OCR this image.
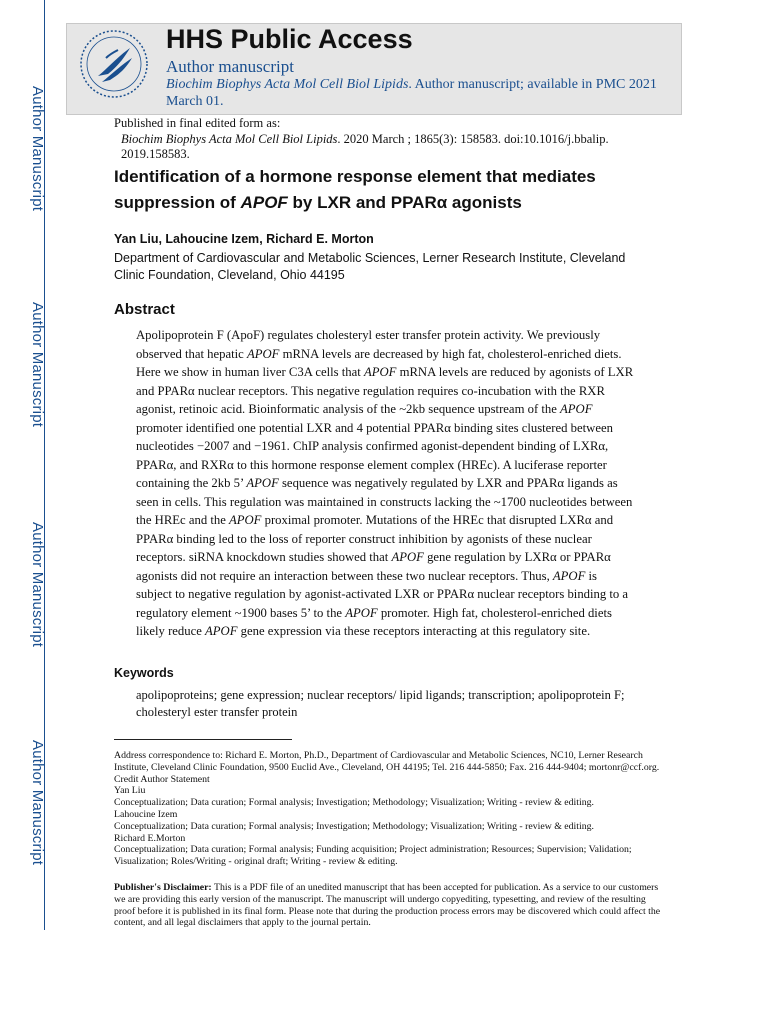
Author Manuscript
Author Manuscript
Author Manuscript
Author Manuscript
HHS Public Access
Author manuscript
Biochim Biophys Acta Mol Cell Biol Lipids. Author manuscript; available in PMC 2021 March 01.
Published in final edited form as:
Biochim Biophys Acta Mol Cell Biol Lipids. 2020 March ; 1865(3): 158583. doi:10.1016/j.bbalip. 2019.158583.
Identification of a hormone response element that mediates suppression of APOF by LXR and PPARα agonists
Yan Liu, Lahoucine Izem, Richard E. Morton
Department of Cardiovascular and Metabolic Sciences, Lerner Research Institute, Cleveland Clinic Foundation, Cleveland, Ohio 44195
Abstract
Apolipoprotein F (ApoF) regulates cholesteryl ester transfer protein activity. We previously observed that hepatic APOF mRNA levels are decreased by high fat, cholesterol-enriched diets. Here we show in human liver C3A cells that APOF mRNA levels are reduced by agonists of LXR and PPARα nuclear receptors. This negative regulation requires co-incubation with the RXR agonist, retinoic acid. Bioinformatic analysis of the ~2kb sequence upstream of the APOF promoter identified one potential LXR and 4 potential PPARα binding sites clustered between nucleotides −2007 and −1961. ChIP analysis confirmed agonist-dependent binding of LXRα, PPARα, and RXRα to this hormone response element complex (HREc). A luciferase reporter containing the 2kb 5’ APOF sequence was negatively regulated by LXR and PPARα ligands as seen in cells. This regulation was maintained in constructs lacking the ~1700 nucleotides between the HREc and the APOF proximal promoter. Mutations of the HREc that disrupted LXRα and PPARα binding led to the loss of reporter construct inhibition by agonists of these nuclear receptors. siRNA knockdown studies showed that APOF gene regulation by LXRα or PPARα agonists did not require an interaction between these two nuclear receptors. Thus, APOF is subject to negative regulation by agonist-activated LXR or PPARα nuclear receptors binding to a regulatory element ~1900 bases 5’ to the APOF promoter. High fat, cholesterol-enriched diets likely reduce APOF gene expression via these receptors interacting at this regulatory site.
Keywords
apolipoproteins; gene expression; nuclear receptors/ lipid ligands; transcription; apolipoprotein F; cholesteryl ester transfer protein
Address correspondence to: Richard E. Morton, Ph.D., Department of Cardiovascular and Metabolic Sciences, NC10, Lerner Research Institute, Cleveland Clinic Foundation, 9500 Euclid Ave., Cleveland, OH 44195; Tel. 216 444-5850; Fax. 216 444-9404; mortonr@ccf.org.
Credit Author Statement
Yan Liu
Conceptualization; Data curation; Formal analysis; Investigation; Methodology; Visualization; Writing - review & editing.
Lahoucine Izem
Conceptualization; Data curation; Formal analysis; Investigation; Methodology; Visualization; Writing - review & editing.
Richard E.Morton
Conceptualization; Data curation; Formal analysis; Funding acquisition; Project administration; Resources; Supervision; Validation; Visualization; Roles/Writing - original draft; Writing - review & editing.
Publisher's Disclaimer: This is a PDF file of an unedited manuscript that has been accepted for publication. As a service to our customers we are providing this early version of the manuscript. The manuscript will undergo copyediting, typesetting, and review of the resulting proof before it is published in its final form. Please note that during the production process errors may be discovered which could affect the content, and all legal disclaimers that apply to the journal pertain.
